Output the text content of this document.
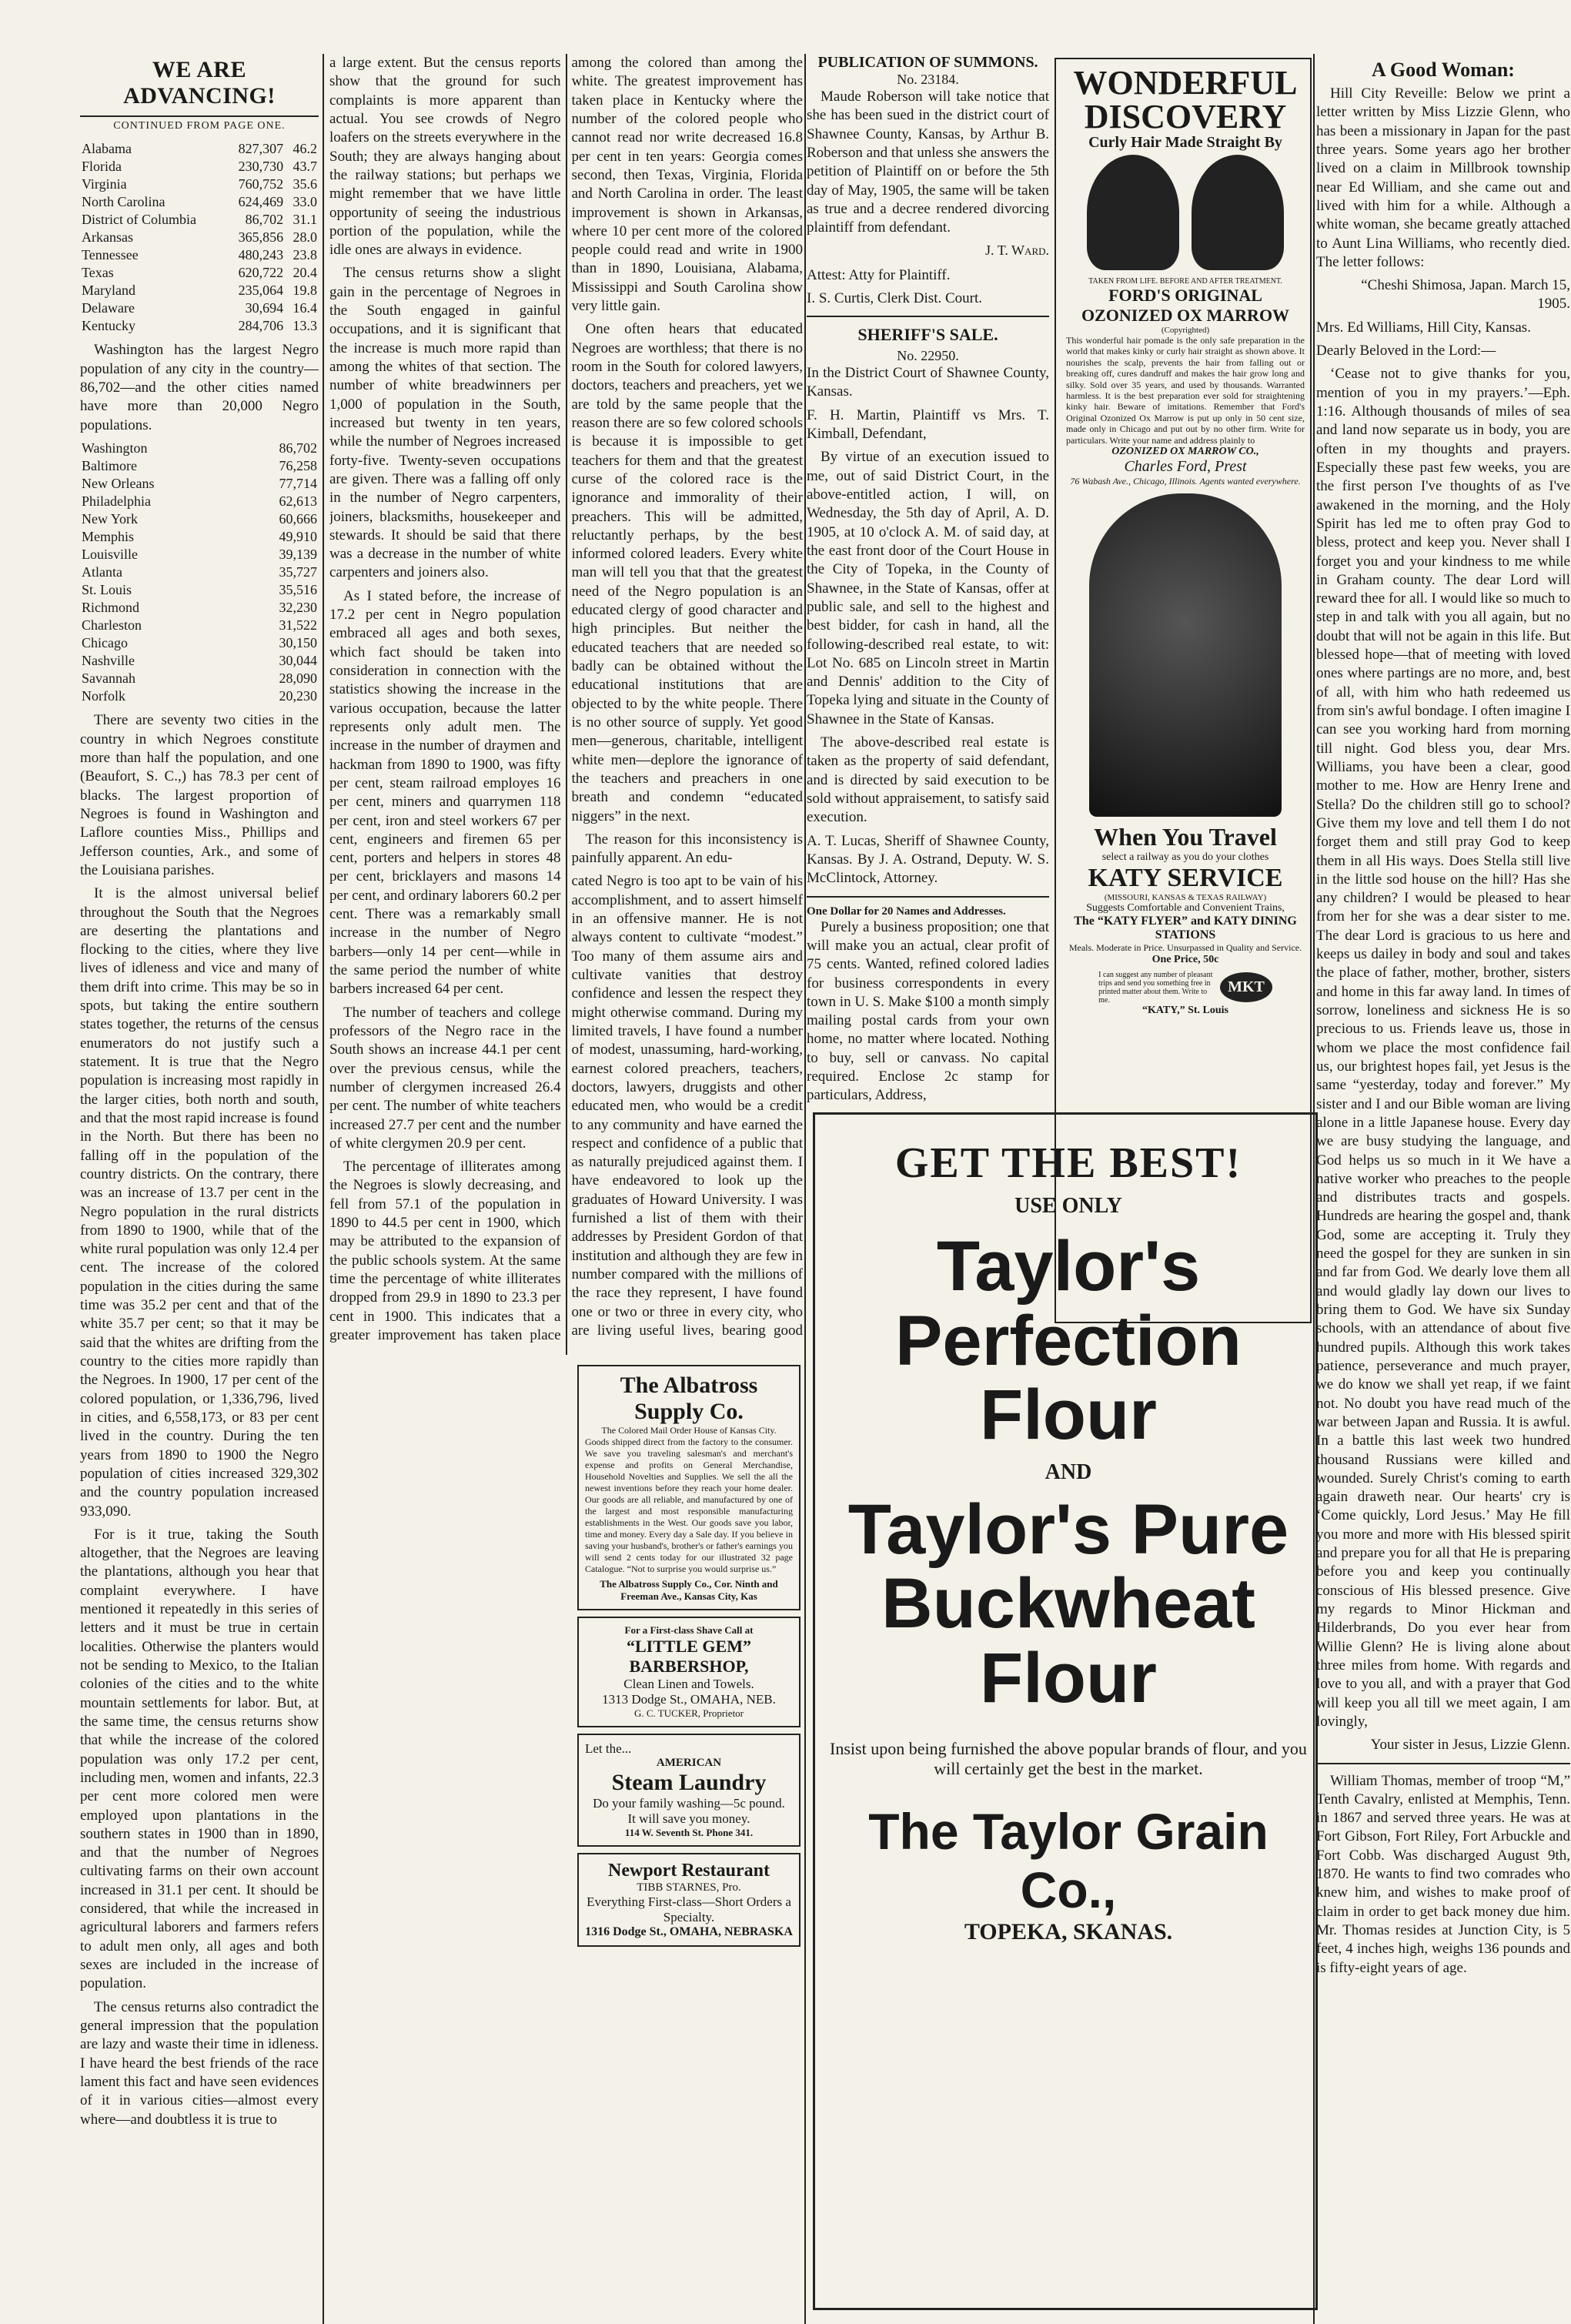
WE ARE ADVANCING!
CONTINUED FROM PAGE ONE.
Alabama	827,307	46.2
Florida	230,730	43.7
Virginia	760,752	35.6
North Carolina	624,469	33.0
District of Columbia	86,702	31.1
Arkansas	365,856	28.0
Tennessee	480,243	23.8
Texas	620,722	20.4
Maryland	235,064	19.8
Delaware	30,694	16.4
Kentucky	284,706	13.3

Washington has the largest Negro population of any city in the country—86,702—and the other cities named have more than 20,000 Negro populations.

Washington	86,702
Baltimore	76,258
New Orleans	77,714
Philadelphia	62,613
New York	60,666
Memphis	49,910
Louisville	39,139
Atlanta	35,727
St. Louis	35,516
Richmond	32,230
Charleston	31,522
Chicago	30,150
Nashville	30,044
Savannah	28,090
Norfolk	20,230

There are seventy two cities in the country in which Negroes constitute more than half the population, and one (Beaufort, S. C.,) has 78.3 per cent of blacks. The largest proportion of Negroes is found in Washington and Laflore counties Miss., Phillips and Jefferson counties, Ark., and some of the Louisiana parishes.

It is the almost universal belief throughout the South that the Negroes are deserting the plantations and flocking to the cities, where they live lives of idleness and vice and many of them drift into crime. This may be so in spots, but taking the entire southern states together, the returns of the census enumerators do not justify such a statement. It is true that the Negro population is increasing most rapidly in the larger cities, both north and south, and that the most rapid increase is found in the North. But there has been no falling off in the population of the country districts. On the contrary, there was an increase of 13.7 per cent in the Negro population in the rural districts from 1890 to 1900, while that of the white rural population was only 12.4 per cent. The increase of the colored population in the cities during the same time was 35.2 per cent and that of the white 35.7 per cent; so that it may be said that the whites are drifting from the country to the cities more rapidly than the Negroes. In 1900, 17 per cent of the colored population, or 1,336,796, lived in cities, and 6,558,173, or 83 per cent lived in the country. During the ten years from 1890 to 1900 the Negro population of cities increased 329,302 and the country population increased 933,090.

For is it true, taking the South altogether, that the Negroes are leaving the plantations, although you hear that complaint everywhere. I have mentioned it repeatedly in this series of letters and it must be true in certain localities. Otherwise the planters would not be sending to Mexico, to the Italian colonies of the cities and to the white mountain settlements for labor. But, at the same time, the census returns show that while the increase of the colored population was only 17.2 per cent, including men, women and infants, 22.3 per cent more colored men were employed upon plantations in the southern states in 1900 than in 1890, and that the number of Negroes cultivating farms on their own account increased in 31.1 per cent. It should be considered, that while the increased in agricultural laborers and farmers refers to adult men only, all ages and both sexes are included in the increase of population.

The census returns also contradict the general impression that the population are lazy and waste their time in idleness. I have heard the best friends of the race lament this fact and have seen evidences of it in various cities—almost every where—and doubtless it is true to

a large extent. But the census reports show that the ground for such complaints is more apparent than actual. You see crowds of Negro loafers on the streets everywhere in the South; they are always hanging about the railway stations; but perhaps we might remember that we have little opportunity of seeing the industrious portion of the population, while the idle ones are always in evidence.

The census returns show a slight gain in the percentage of Negroes in the South engaged in gainful occupations, and it is significant that the increase is much more rapid than among the whites of that section. The number of white breadwinners per 1,000 of population in the South, increased but twenty in ten years, while the number of Negroes increased forty-five. Twenty-seven occupations are given. There was a falling off only in the number of Negro carpenters, joiners, blacksmiths, housekeeper and stewards. It should be said that there was a decrease in the number of white carpenters and joiners also.

As I stated before, the increase of 17.2 per cent in Negro population embraced all ages and both sexes, which fact should be taken into consideration in connection with the statistics showing the increase in the various occupation, because the latter represents only adult men. The increase in the number of draymen and hackman from 1890 to 1900, was fifty per cent, steam railroad employes 16 per cent, miners and quarrymen 118 per cent, iron and steel workers 67 per cent, engineers and firemen 65 per cent, porters and helpers in stores 48 per cent, bricklayers and masons 14 per cent, and ordinary laborers 60.2 per cent. There was a remarkably small increase in the number of Negro barbers—only 14 per cent—while in the same period the number of white barbers increased 64 per cent.

The number of teachers and college professors of the Negro race in the South shows an increase 44.1 per cent over the previous census, while the number of clergymen increased 26.4 per cent. The number of white teachers increased 27.7 per cent and the number of white clergymen 20.9 per cent.

The percentage of illiterates among the Negroes is slowly decreasing, and fell from 57.1 of the population in 1890 to 44.5 per cent in 1900, which may be attributed to the expansion of the public schools system. At the same time the percentage of white illiterates dropped from 29.9 in 1890 to 23.3 per cent in 1900. This indicates that a greater improvement has taken place among the colored than among the white. The greatest improvement has taken place in Kentucky where the number of the colored people who cannot read nor write decreased 16.8 per cent in ten years: Georgia comes second, then Texas, Virginia, Florida and North Carolina in order. The least improvement is shown in Arkansas, where 10 per cent more of the colored people could read and write in 1900 than in 1890, Louisiana, Alabama, Mississippi and South Carolina show very little gain.

One often hears that educated Negroes are worthless; that there is no room in the South for colored lawyers, doctors, teachers and preachers, yet we are told by the same people that the reason there are so few colored schools is because it is impossible to get teachers for them and that the greatest curse of the colored race is the ignorance and immorality of their preachers. This will be admitted, reluctantly perhaps, by the best informed colored leaders. Every white man will tell you that that the greatest need of the Negro population is an educated clergy of good character and high principles. But neither the educated teachers that are needed so badly can be obtained without the educational institutions that are objected to by the white people. There is no other source of supply. Yet good men—generous, charitable, intelligent white men—deplore the ignorance of the teachers and preachers in one breath and condemn “educated niggers” in the next.

The reason for this inconsistency is painfully apparent. An edu-

cated Negro is too apt to be vain of his accomplishment, and to assert himself in an offensive manner. He is not always content to cultivate “modest.” Too many of them assume airs and cultivate vanities that destroy confidence and lessen the respect they might otherwise command. During my limited travels, I have found a number of modest, unassuming, hard-working, earnest colored preachers, teachers, doctors, lawyers, druggists and other educated men, who would be a credit to any community and have earned the respect and confidence of a public that as naturally prejudiced against them. I have endeavored to look up the graduates of Howard University. I was furnished a list of them with their addresses by President Gordon of that institution and although they are few in number compared with the millions of the race they represent, I have found one or two or three in every city, who are living useful lives, bearing good

The Albatross Supply Co.
The Colored Mail Order House of Kansas City.
Goods shipped direct from the factory to the consumer. We save you traveling salesman's and merchant's expense and profits on General Merchandise, Household Novelties and Supplies. We sell the all the newest inventions before they reach your home dealer. Our goods are all reliable, and manufactured by one of the largest and most responsible manufacturing establishments in the West. Our goods save you labor, time and money. Every day a Sale day. If you believe in saving your husband's, brother's or father's earnings you will send 2 cents today for our illustrated 32 page Catalogue. “Not to surprise you would surprise us.”
The Albatross Supply Co., Cor. Ninth and Freeman Ave., Kansas City, Kas
For a First-class Shave Call at
“LITTLE GEM” BARBERSHOP,
Clean Linen and Towels.
1313 Dodge St., OMAHA, NEB.
G. C. TUCKER, Proprietor
Let the...
AMERICAN
Steam Laundry
Do your family washing—5c pound.
It will save you money.
114 W. Seventh St. Phone 341.
Newport Restaurant
TIBB STARNES, Pro.
Everything First-class—Short Orders a Specialty.
1316 Dodge St., OMAHA, NEBRASKA
PUBLICATION OF SUMMONS.
No. 23184.

Maude Roberson will take notice that she has been sued in the district court of Shawnee County, Kansas, by Arthur B. Roberson and that unless she answers the petition of Plaintiff on or before the 5th day of May, 1905, the same will be taken as true and a decree rendered divorcing plaintiff from defendant.

J. T. Ward.

Attest: Atty for Plaintiff.

I. S. Curtis, Clerk Dist. Court.

SHERIFF'S SALE.
No. 22950.

In the District Court of Shawnee County, Kansas.

F. H. Martin, Plaintiff vs Mrs. T. Kimball, Defendant,

By virtue of an execution issued to me, out of said District Court, in the above-entitled action, I will, on Wednesday, the 5th day of April, A. D. 1905, at 10 o'clock A. M. of said day, at the east front door of the Court House in the City of Topeka, in the County of Shawnee, in the State of Kansas, offer at public sale, and sell to the highest and best bidder, for cash in hand, all the following-described real estate, to wit: Lot No. 685 on Lincoln street in Martin and Dennis' addition to the City of Topeka lying and situate in the County of Shawnee in the State of Kansas.

The above-described real estate is taken as the property of said defendant, and is directed by said execution to be sold without appraisement, to satisfy said execution.

A. T. Lucas, Sheriff of Shawnee County, Kansas. By J. A. Ostrand, Deputy. W. S. McClintock, Attorney.

One Dollar for 20 Names and Addresses.

Purely a business proposition; one that will make you an actual, clear profit of 75 cents. Wanted, refined colored ladies for business correspondents in every town in U. S. Make $100 a month simply mailing postal cards from your own home, no matter where located. Nothing to buy, sell or canvass. No capital required. Enclose 2c stamp for particulars, Address,

WONDERFUL
DISCOVERY
Curly Hair Made Straight By
TAKEN FROM LIFE. BEFORE AND AFTER TREATMENT.
FORD'S ORIGINAL
OZONIZED OX MARROW
(Copyrighted)
This wonderful hair pomade is the only safe preparation in the world that makes kinky or curly hair straight as shown above. It nourishes the scalp, prevents the hair from falling out or breaking off, cures dandruff and makes the hair grow long and silky. Sold over 35 years, and used by thousands. Warranted harmless. It is the best preparation ever sold for straightening kinky hair. Beware of imitations. Remember that Ford's Original Ozonized Ox Marrow is put up only in 50 cent size, made only in Chicago and put out by no other firm. Write for particulars. Write your name and address plainly to
OZONIZED OX MARROW CO.,
Charles Ford, Prest
76 Wabash Ave., Chicago, Illinois. Agents wanted everywhere.
When You Travel
select a railway as you do your clothes
KATY SERVICE
(MISSOURI, KANSAS & TEXAS RAILWAY)
Suggests Comfortable and Convenient Trains,
The “KATY FLYER” and KATY DINING STATIONS
Meals. Moderate in Price. Unsurpassed in Quality and Service.
One Price, 50c
I can suggest any number of pleasant trips and send you something free in printed matter about them. Write to me.
MKT
“KATY,” St. Louis
GET THE BEST!
USE ONLY
Taylor's
Perfection
Flour
AND
Taylor's Pure
Buckwheat
Flour
Insist upon being furnished the above popular brands of flour, and you will certainly get the best in the market.
The Taylor Grain Co.,
TOPEKA, SKANAS.
A Good Woman:

Hill City Reveille: Below we print a letter written by Miss Lizzie Glenn, who has been a missionary in Japan for the past three years. Some years ago her brother lived on a claim in Millbrook township near Ed William, and she came out and lived with him for a while. Although a white woman, she became greatly attached to Aunt Lina Williams, who recently died. The letter follows:

“Cheshi Shimosa, Japan. March 15, 1905.

Mrs. Ed Williams, Hill City, Kansas.

Dearly Beloved in the Lord:—

‘Cease not to give thanks for you, mention of you in my prayers.’—Eph. 1:16. Although thousands of miles of sea and land now separate us in body, you are often in my thoughts and prayers. Especially these past few weeks, you are the first person I've thoughts of as I've awakened in the morning, and the Holy Spirit has led me to often pray God to bless, protect and keep you. Never shall I forget you and your kindness to me while in Graham county. The dear Lord will reward thee for all. I would like so much to step in and talk with you all again, but no doubt that will not be again in this life. But blessed hope—that of meeting with loved ones where partings are no more, and, best of all, with him who hath redeemed us from sin's awful bondage. I often imagine I can see you working hard from morning till night. God bless you, dear Mrs. Williams, you have been a clear, good mother to me. How are Henry Irene and Stella? Do the children still go to school? Give them my love and tell them I do not forget them and still pray God to keep them in all His ways. Does Stella still live in the little sod house on the hill? Has she any children? I would be pleased to hear from her for she was a dear sister to me. The dear Lord is gracious to us here and keeps us dailey in body and soul and takes the place of father, mother, brother, sisters and home in this far away land. In times of sorrow, loneliness and sickness He is so precious to us. Friends leave us, those in whom we place the most confidence fail us, our brightest hopes fail, yet Jesus is the same “yesterday, today and forever.” My sister and I and our Bible woman are living alone in a little Japanese house. Every day we are busy studying the language, and God helps us so much in it We have a native worker who preaches to the people and distributes tracts and gospels. Hundreds are hearing the gospel and, thank God, some are accepting it. Truly they need the gospel for they are sunken in sin and far from God. We dearly love them all and would gladly lay down our lives to bring them to God. We have six Sunday schools, with an attendance of about five hundred pupils. Although this work takes patience, perseverance and much prayer, we do know we shall yet reap, if we faint not. No doubt you have read much of the war between Japan and Russia. It is awful. In a battle this last week two hundred thousand Russians were killed and wounded. Surely Christ's coming to earth again draweth near. Our hearts' cry is ‘Come quickly, Lord Jesus.’ May He fill you more and more with His blessed spirit and prepare you for all that He is preparing before you and keep you continually conscious of His blessed presence. Give my regards to Minor Hickman and Hilderbrands, Do you ever hear from Willie Glenn? He is living alone about three miles from home. With regards and love to you all, and with a prayer that God will keep you all till we meet again, I am lovingly,

Your sister in Jesus, Lizzie Glenn.

William Thomas, member of troop “M,” Tenth Cavalry, enlisted at Memphis, Tenn. in 1867 and served three years. He was at Fort Gibson, Fort Riley, Fort Arbuckle and Fort Cobb. Was discharged August 9th, 1870. He wants to find two comrades who knew him, and wishes to make proof of claim in order to get back money due him. Mr. Thomas resides at Junction City, is 5 feet, 4 inches high, weighs 136 pounds and is fifty-eight years of age.
